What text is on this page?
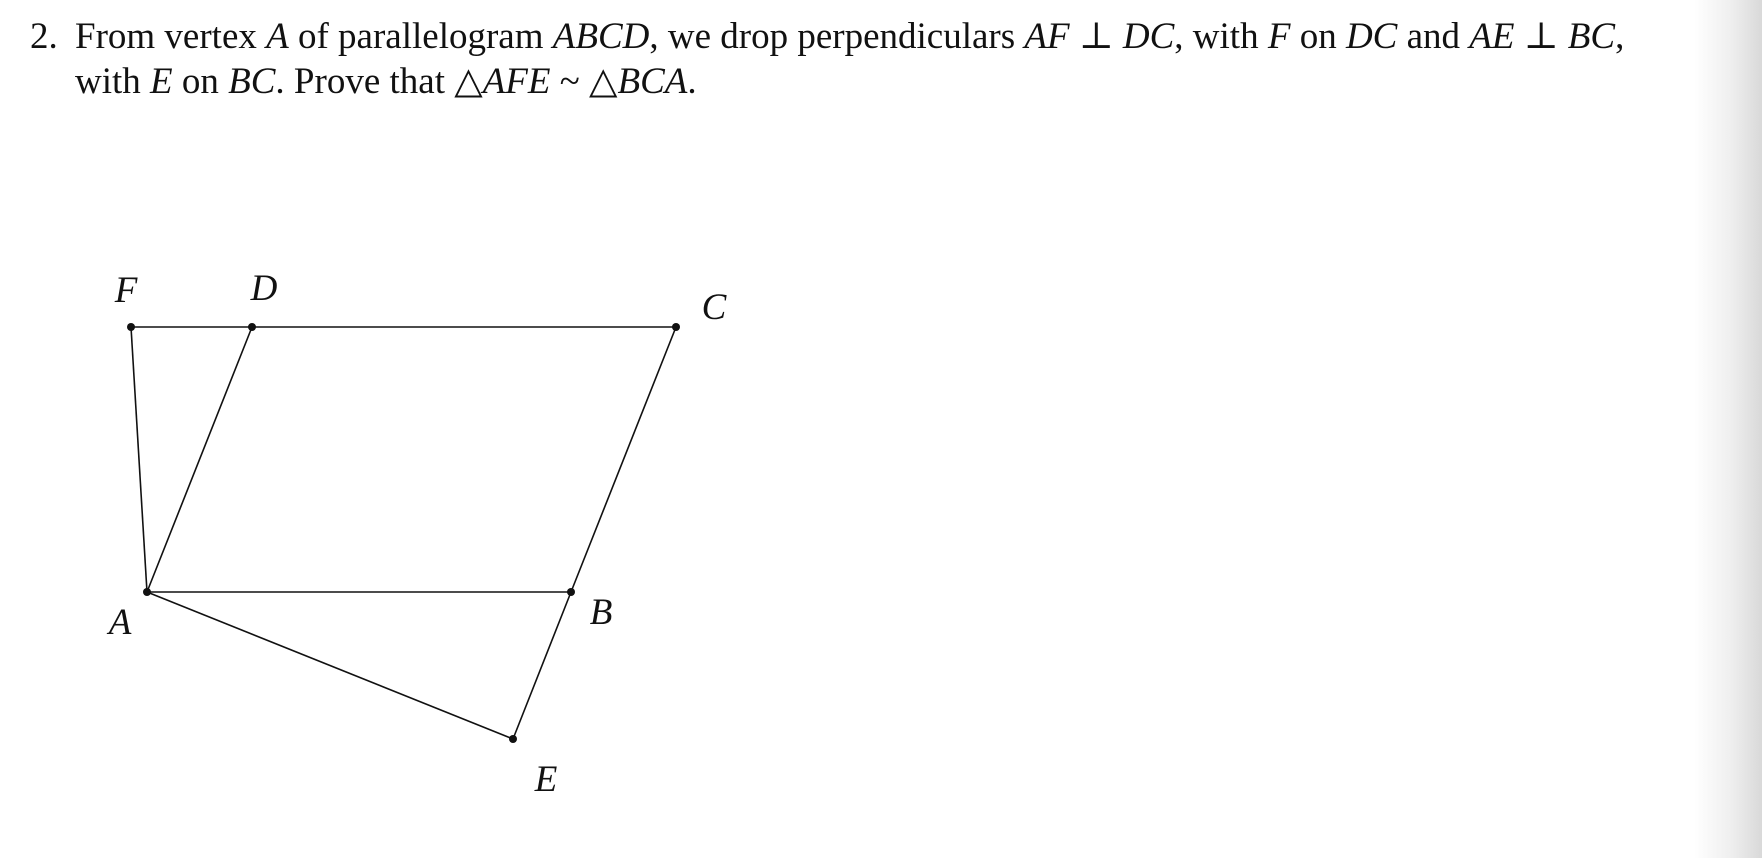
2. From vertex A of parallelogram ABCD, we drop perpendiculars AF ⊥ DC, with F on DC and AE ⊥ BC,
with E on BC. Prove that △AFE ~ △BCA.
F	D	C
A	B
E
